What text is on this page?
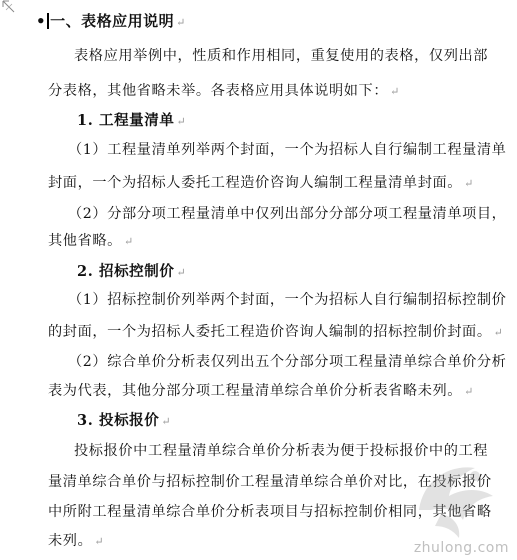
• 一、表格应用说明 ↵
表格应用举例中，性质和作用相同，重复使用的表格，仅列出部
分表格，其他省略未举。各表格应用具体说明如下： ↵
1. 工程量清单 ↵
（1）工程量清单列举两个封面，一个为招标人自行编制工程量清单
封面，一个为招标人委托工程造价咨询人编制工程量清单封面。 ↵
（2）分部分项工程量清单中仅列出部分分部分项工程量清单项目，
其他省略。 ↵
2. 招标控制价 ↵
（1）招标控制价列举两个封面，一个为招标人自行编制招标控制价
的封面，一个为招标人委托工程造价咨询人编制的招标控制价封面。 ↵
（2）综合单价分析表仅列出五个分部分项工程量清单综合单价分析
表为代表，其他分部分项工程量清单综合单价分析表省略未列。 ↵
3. 投标报价 ↵
投标报价中工程量清单综合单价分析表为便于投标报价中的工程
量清单综合单价与招标控制价工程量清单综合单价对比，在投标报价
中所附工程量清单综合单价分析表项目与招标控制价相同，其他省略
未列。 ↵	zhulong.com
